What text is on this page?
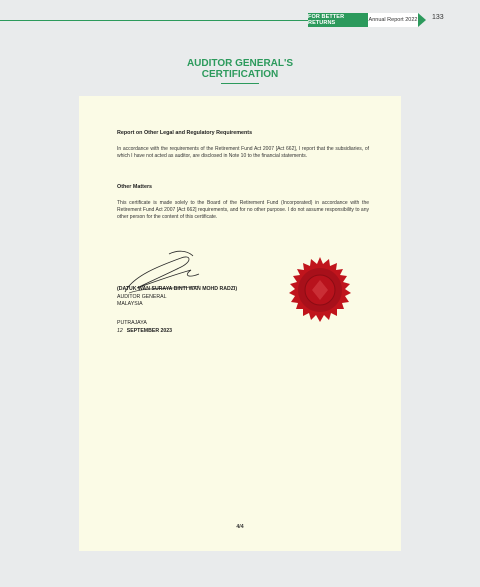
FOR BETTER RETURNS	Annual Report 2022 133
AUDITOR GENERAL'S
CERTIFICATION

Report on Other Legal and Regulatory Requirements

In accordance with the requirements of the Retirement Fund Act 2007 [Act 662], I report that the subsidiaries, of which I have not acted as auditor, are disclosed in Note 10 to the financial statements.

Other Matters

This certificate is made solely to the Board of the Retirement Fund (Incorporated) in accordance with the Retirement Fund Act 2007 [Act 662] requirements, and for no other purpose. I do not assume responsibility to any other person for the content of this certificate.

(DATUK WAN SURAYA BINTI WAN MOHD RADZI)
AUDITOR GENERAL
MALAYSIA
PUTRAJAYA
12 SEPTEMBER 2023
4/4
